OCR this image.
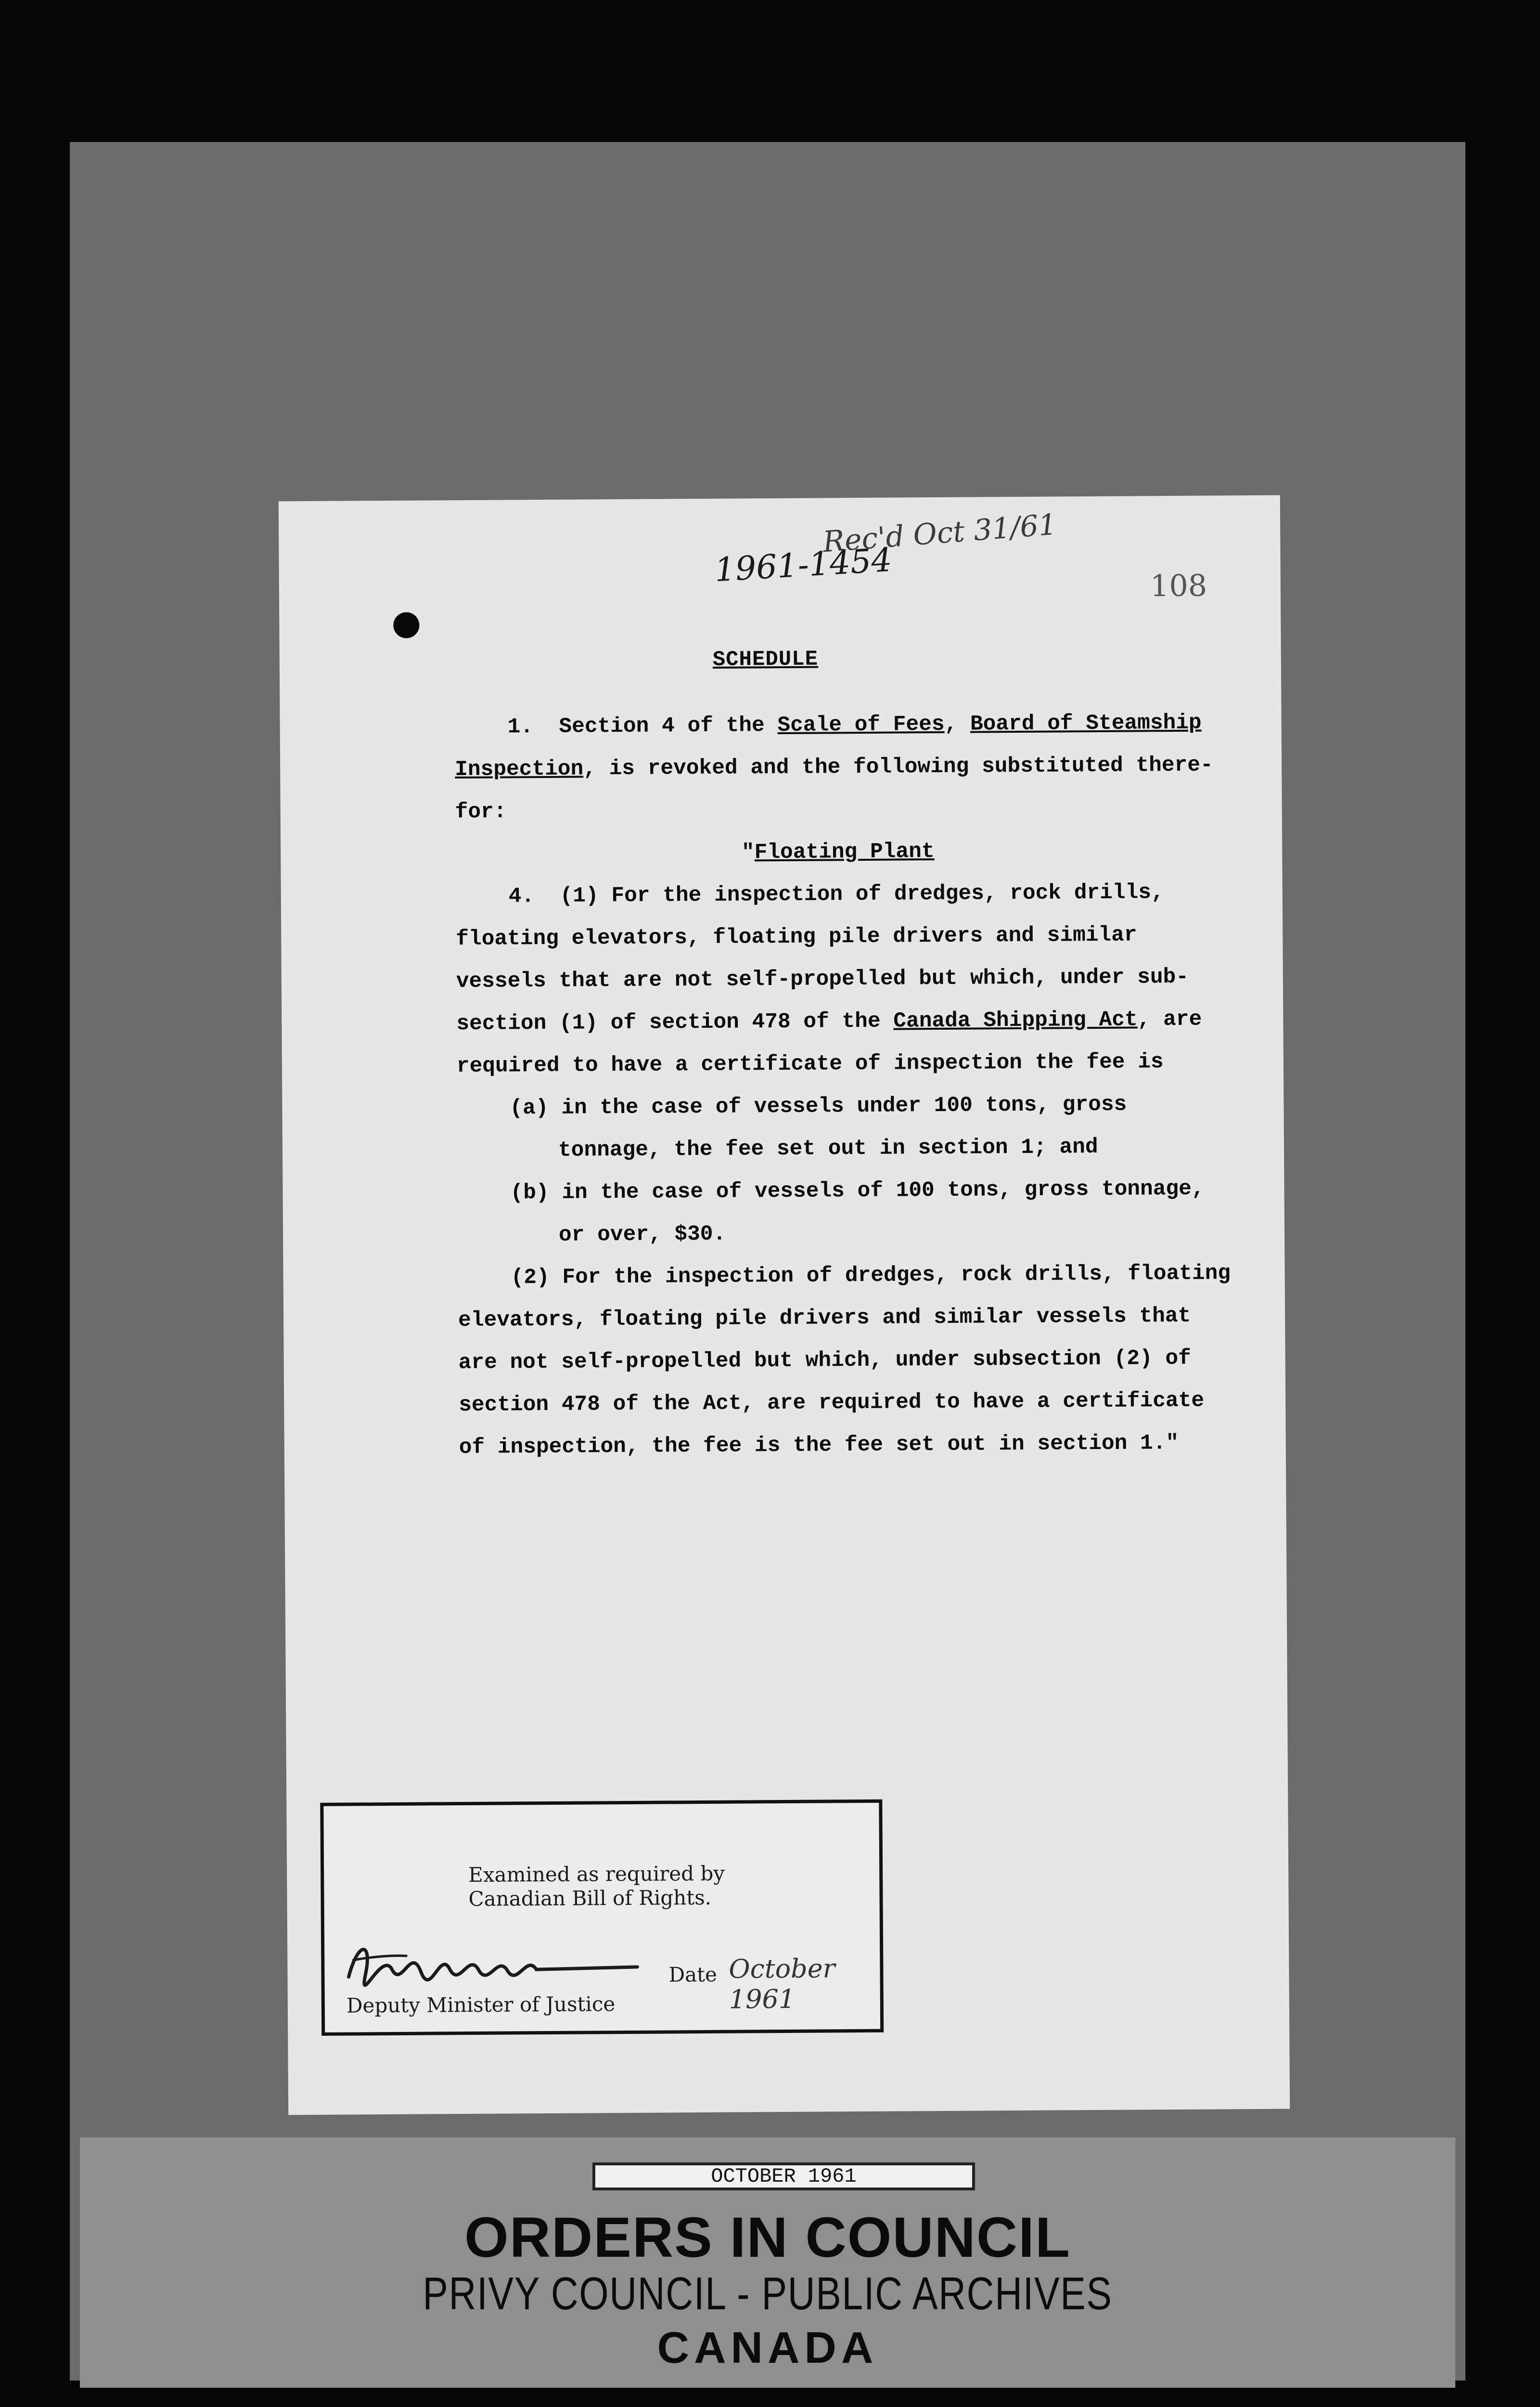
Rec'd Oct 31/61
1961-1454	108
SCHEDULE
1.  Section 4 of the Scale of Fees, Board of Steamship
Inspection, is revoked and the following substituted there-
for:
"Floating Plant
4.  (1) For the inspection of dredges, rock drills,
floating elevators, floating pile drivers and similar
vessels that are not self-propelled but which, under sub-
section (1) of section 478 of the Canada Shipping Act, are
required to have a certificate of inspection the fee is
(a) in the case of vessels under 100 tons, gross
tonnage, the fee set out in section 1; and
(b) in the case of vessels of 100 tons, gross tonnage,
or over, $30.
(2) For the inspection of dredges, rock drills, floating
elevators, floating pile drivers and similar vessels that
are not self-propelled but which, under subsection (2) of
section 478 of the Act, are required to have a certificate
of inspection, the fee is the fee set out in section 1."
Examined as required by
Canadian Bill of Rights.
Date October 1961
Deputy Minister of Justice
OCTOBER 1961
ORDERS IN COUNCIL
PRIVY COUNCIL - PUBLIC ARCHIVES
CANADA
